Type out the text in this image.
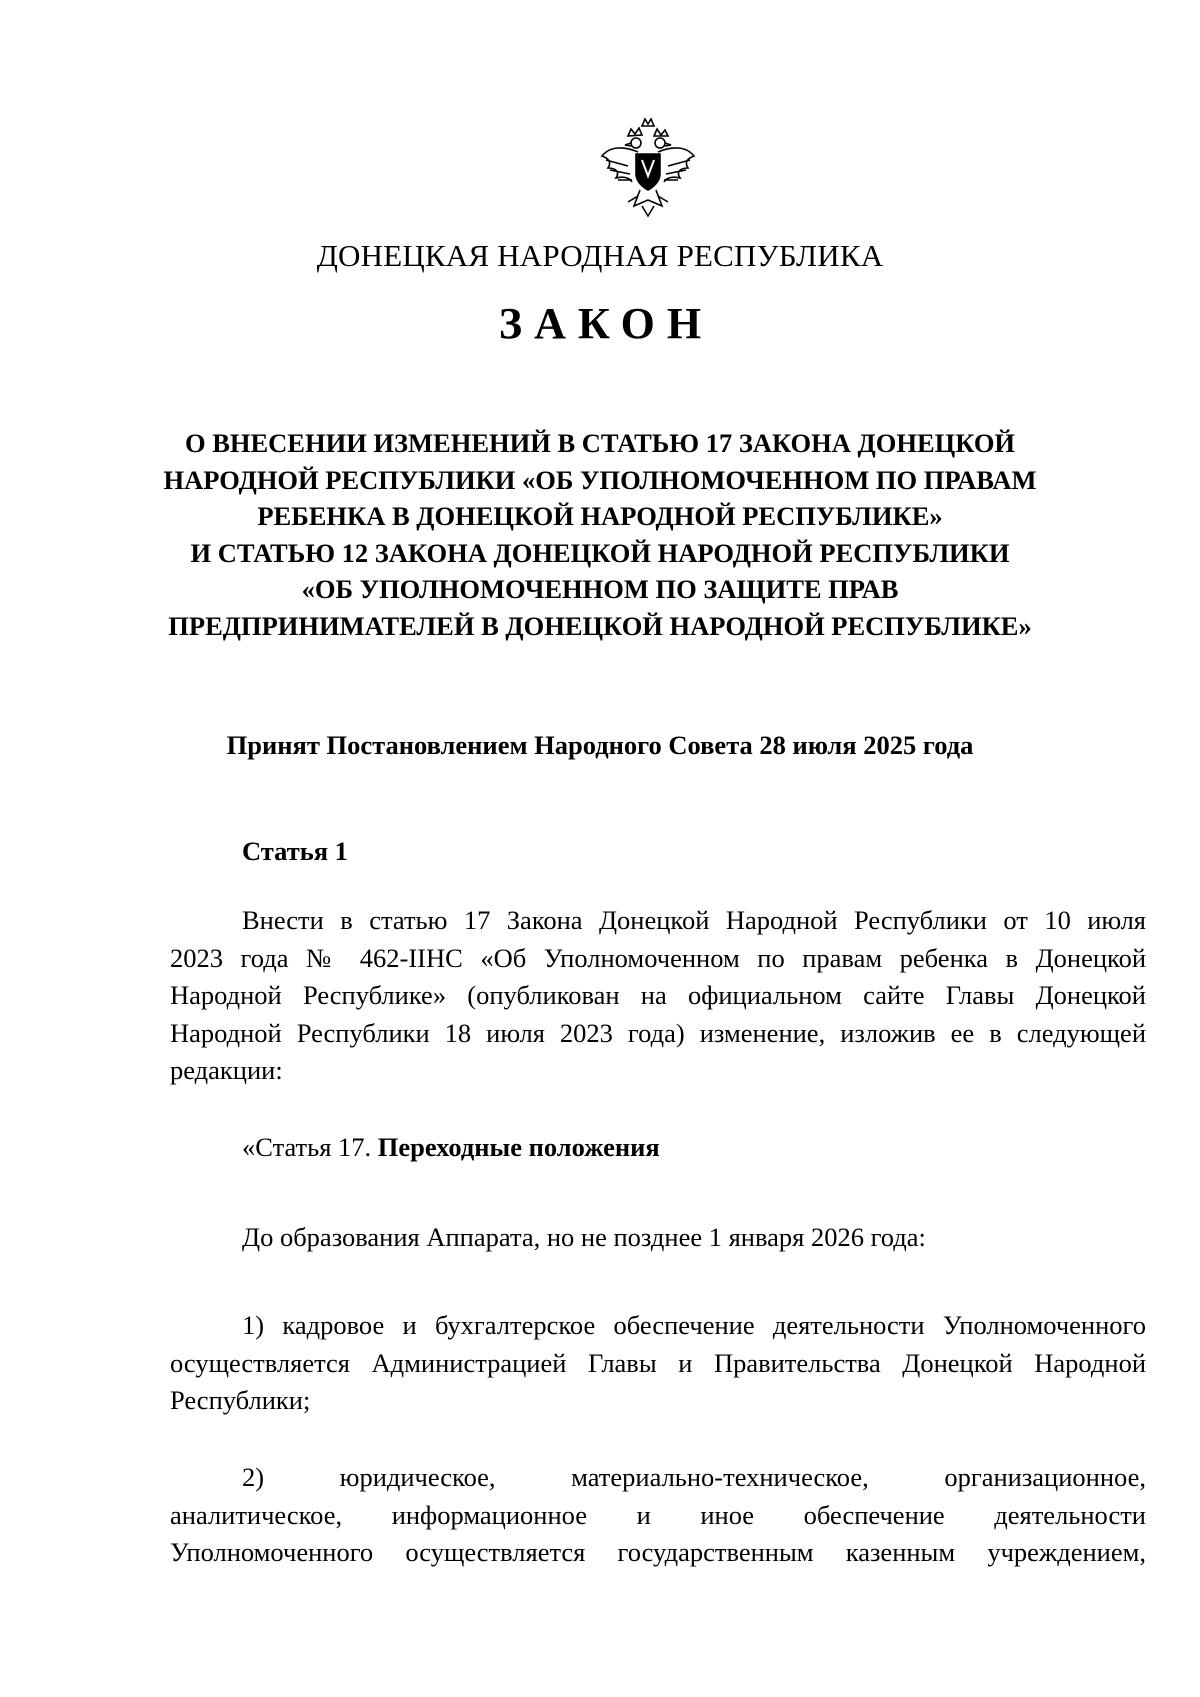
ДОНЕЦКАЯ НАРОДНАЯ РЕСПУБЛИКА
ЗАКОН
О ВНЕСЕНИИ ИЗМЕНЕНИЙ В СТАТЬЮ 17 ЗАКОНА ДОНЕЦКОЙ
НАРОДНОЙ РЕСПУБЛИКИ «ОБ УПОЛНОМОЧЕННОМ ПО ПРАВАМ
РЕБЕНКА В ДОНЕЦКОЙ НАРОДНОЙ РЕСПУБЛИКЕ»
И СТАТЬЮ 12 ЗАКОНА ДОНЕЦКОЙ НАРОДНОЙ РЕСПУБЛИКИ
«ОБ УПОЛНОМОЧЕННОМ ПО ЗАЩИТЕ ПРАВ
ПРЕДПРИНИМАТЕЛЕЙ В ДОНЕЦКОЙ НАРОДНОЙ РЕСПУБЛИКЕ»
Принят Постановлением Народного Совета 28 июля 2025 года
Статья 1
Внести в статью 17 Закона Донецкой Народной Республики от 10 июля
2023 года № 462-IIНС «Об Уполномоченном по правам ребенка в Донецкой
Народной Республике» (опубликован на официальном сайте Главы Донецкой
Народной Республики 18 июля 2023 года) изменение, изложив ее в следующей
редакции:
«Статья 17. Переходные положения
До образования Аппарата, но не позднее 1 января 2026 года:
1) кадровое и бухгалтерское обеспечение деятельности Уполномоченного
осуществляется Администрацией Главы и Правительства Донецкой Народной
Республики;
2) юридическое, материально-техническое, организационное,
аналитическое, информационное и иное обеспечение деятельности
Уполномоченного осуществляется государственным казенным учреждением,
